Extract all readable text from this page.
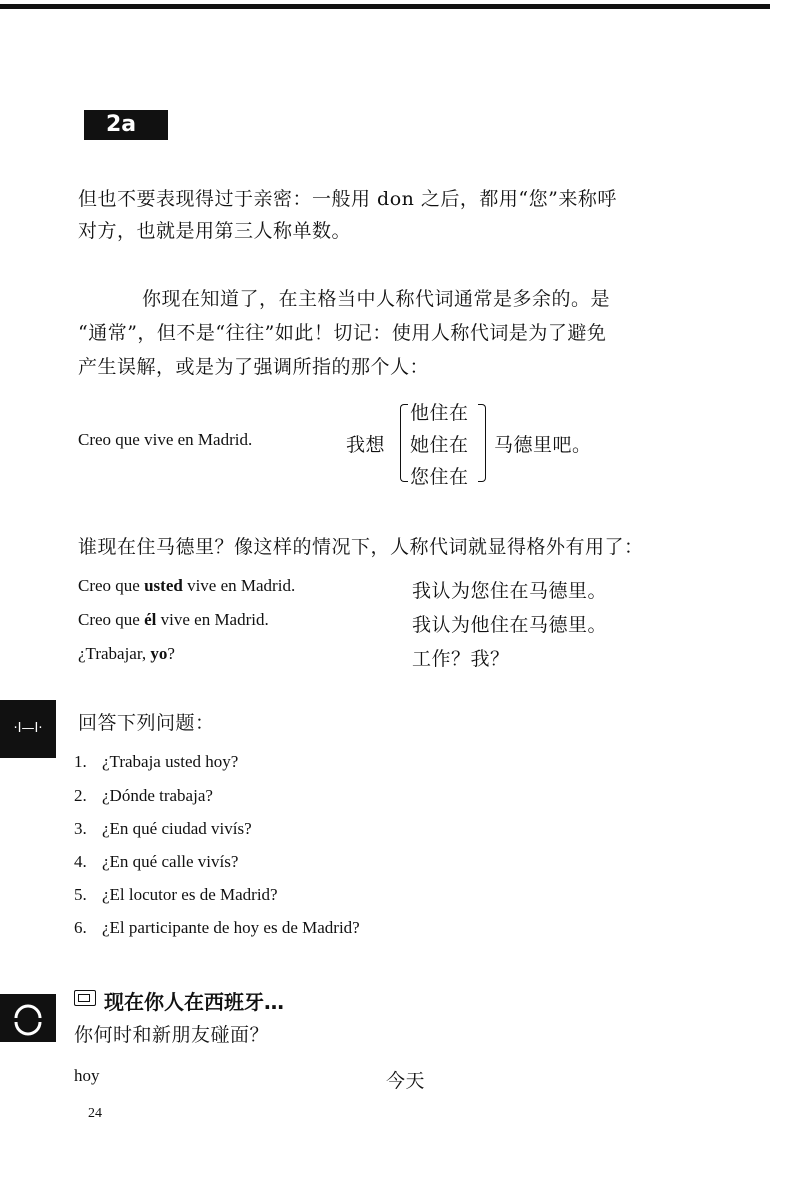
2a
但也不要表现得过于亲密：一般用 don 之后，都用“您”来称呼
对方，也就是用第三人称单数。
你现在知道了，在主格当中人称代词通常是多余的。是
“通常”，但不是“往往”如此！切记：使用人称代词是为了避免
产生误解，或是为了强调所指的那个人：
Creo que vive en Madrid.	我想
他住在
她住在
您住在
马德里吧。
谁现在住马德里？像这样的情况下，人称代词就显得格外有用了：
Creo que usted vive en Madrid.	我认为您住在马德里。
Creo que él vive en Madrid.	我认为他住在马德里。
¿Trabajar, yo?	工作？我？
·I—I·	回答下列问题：
1. ¿Trabaja usted hoy?
2. ¿Dónde trabaja?
3. ¿En qué ciudad vivís?
4. ¿En qué calle vivís?
5. ¿El locutor es de Madrid?
6. ¿El participante de hoy es de Madrid?
现在你人在西班牙…
你何时和新朋友碰面？
hoy	今天
24
